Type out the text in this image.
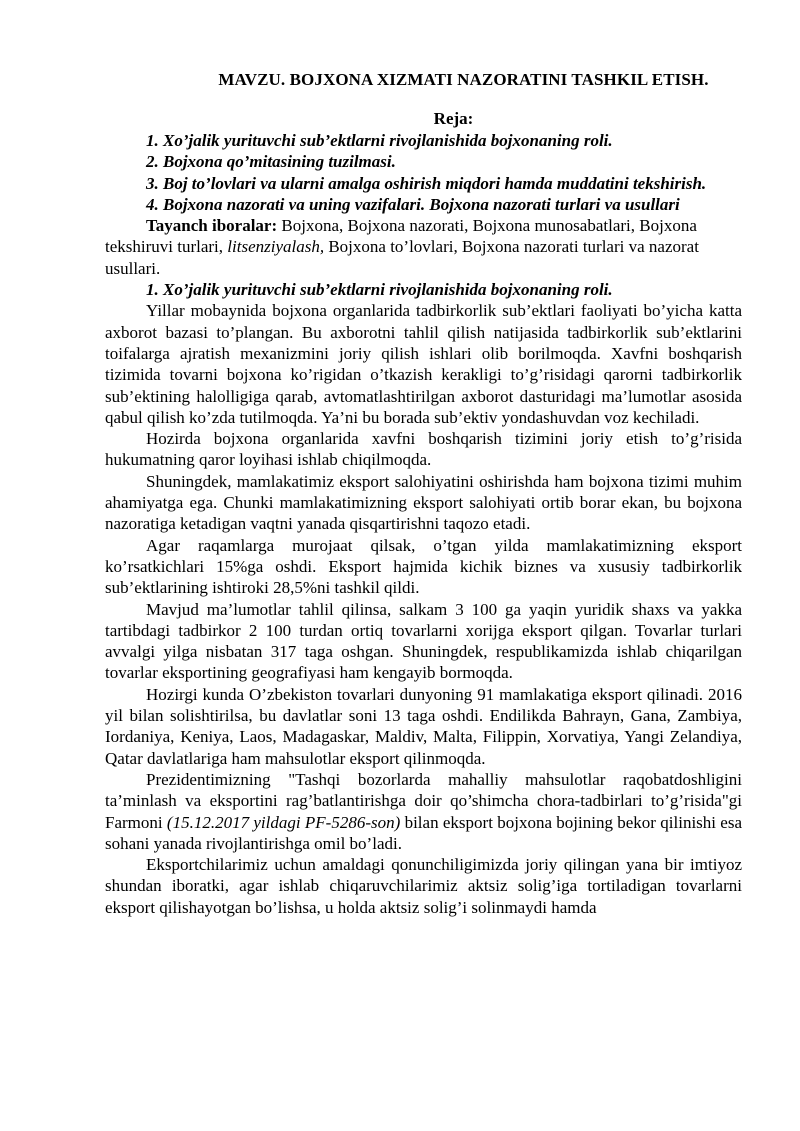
MAVZU. BOJXONA XIZMATI NAZORATINI TASHKIL ETISH.
Reja:

1. Xo’jalik yurituvchi sub’ektlarni rivojlanishida bojxonaning roli.

2. Bojxona qo’mitasining tuzilmasi.

3. Boj to’lovlari va ularni amalga oshirish miqdori hamda muddatini tekshirish.

4. Bojxona nazorati va uning vazifalari. Bojxona nazorati turlari va usullari

Tayanch iboralar: Bojxona, Bojxona nazorati, Bojxona munosabatlari, Bojxona tekshiruvi turlari, litsenziyalash, Bojxona to’lovlari, Bojxona nazorati turlari va nazorat usullari.

1. Xo’jalik yurituvchi sub’ektlarni rivojlanishida bojxonaning roli.

Yillar mobaynida bojxona organlarida tadbirkorlik sub’ektlari faoliyati bo’yicha katta axborot bazasi to’plangan. Bu axborotni tahlil qilish natijasida tadbirkorlik sub’ektlarini toifalarga ajratish mexanizmini joriy qilish ishlari olib borilmoqda. Xavfni boshqarish tizimida tovarni bojxona ko’rigidan o’tkazish kerakligi to’g’risidagi qarorni tadbirkorlik sub’ektining halolligiga qarab, avtomatlashtirilgan axborot dasturidagi ma’lumotlar asosida qabul qilish ko’zda tutilmoqda. Ya’ni bu borada sub’ektiv yondashuvdan voz kechiladi.

Hozirda bojxona organlarida xavfni boshqarish tizimini joriy etish to’g’risida hukumatning qaror loyihasi ishlab chiqilmoqda.

Shuningdek, mamlakatimiz eksport salohiyatini oshirishda ham bojxona tizimi muhim ahamiyatga ega. Chunki mamlakatimizning eksport salohiyati ortib borar ekan, bu bojxona nazoratiga ketadigan vaqtni yanada qisqartirishni taqozo etadi.

Agar raqamlarga murojaat qilsak, o’tgan yilda mamlakatimizning eksport ko’rsatkichlari 15%ga oshdi. Eksport hajmida kichik biznes va xususiy tadbirkorlik sub’ektlarining ishtiroki 28,5%ni tashkil qildi.

Mavjud ma’lumotlar tahlil qilinsa, salkam 3 100 ga yaqin yuridik shaxs va yakka tartibdagi tadbirkor 2 100 turdan ortiq tovarlarni xorijga eksport qilgan. Tovarlar turlari avvalgi yilga nisbatan 317 taga oshgan. Shuningdek, respublikamizda ishlab chiqarilgan tovarlar eksportining geografiyasi ham kengayib bormoqda.

Hozirgi kunda O’zbekiston tovarlari dunyoning 91 mamlakatiga eksport qilinadi. 2016 yil bilan solishtirilsa, bu davlatlar soni 13 taga oshdi. Endilikda Bahrayn, Gana, Zambiya, Iordaniya, Keniya, Laos, Madagaskar, Maldiv, Malta, Filippin, Xorvatiya, Yangi Zelandiya, Qatar davlatlariga ham mahsulotlar eksport qilinmoqda.

Prezidentimizning "Tashqi bozorlarda mahalliy mahsulotlar raqobatdoshligini ta’minlash va eksportini rag’batlantirishga doir qo’shimcha chora-tadbirlari to’g’risida"gi Farmoni (15.12.2017 yildagi PF-5286-son) bilan eksport bojxona bojining bekor qilinishi esa sohani yanada rivojlantirishga omil bo’ladi.

Eksportchilarimiz uchun amaldagi qonunchiligimizda joriy qilingan yana bir imtiyoz shundan iboratki, agar ishlab chiqaruvchilarimiz aktsiz solig’iga tortiladigan tovarlarni eksport qilishayotgan bo’lishsa, u holda aktsiz solig’i solinmaydi hamda
